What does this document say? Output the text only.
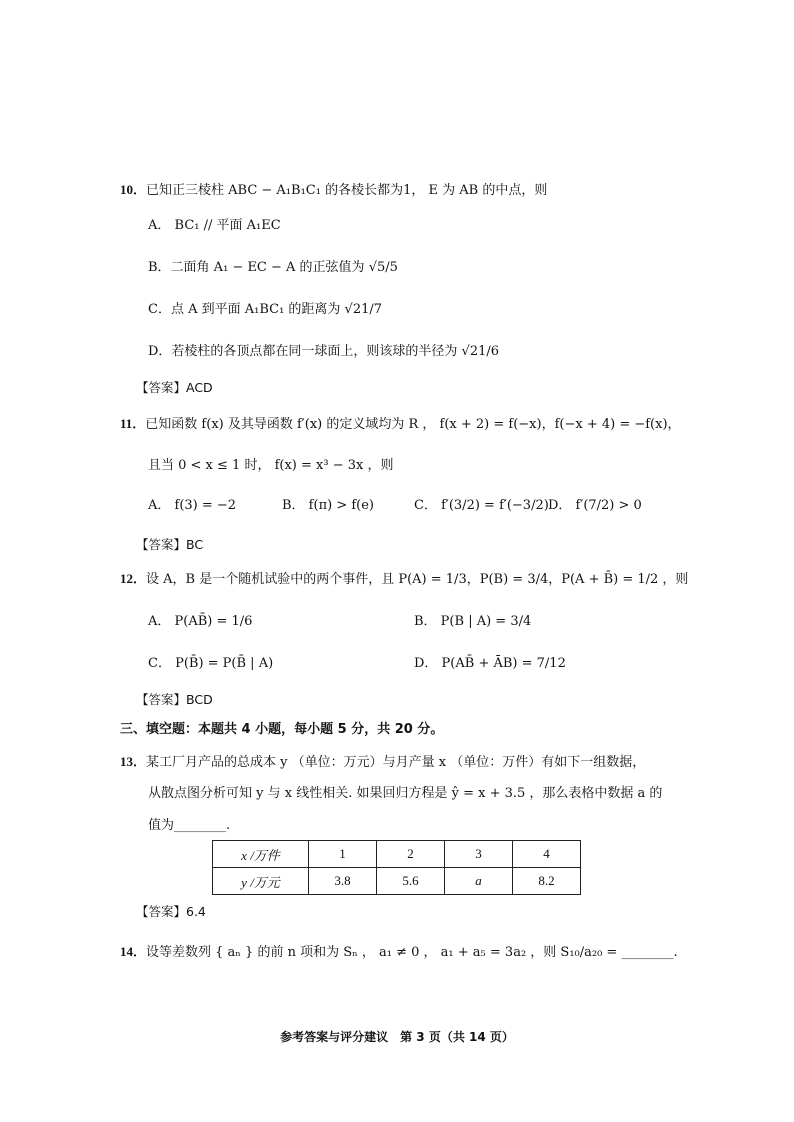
10．已知正三棱柱 ABC − A₁B₁C₁ 的各棱长都为1， E 为 AB 的中点，则
A． BC₁ // 平面 A₁EC
B．二面角 A₁ − EC − A 的正弦值为 √5/5
C．点 A 到平面 A₁BC₁ 的距离为 √21/7
D．若棱柱的各顶点都在同一球面上，则该球的半径为 √21/6
【答案】ACD
11．已知函数 f(x) 及其导函数 f′(x) 的定义域均为 R ， f(x + 2) = f(−x)，f(−x + 4) = −f(x)，
且当 0 < x ≤ 1 时， f(x) = x³ − 3x ，则
A． f(3) = −2	B． f(π) > f(e)	C． f′(3/2) = f′(−3/2) D． f′(7/2) > 0
【答案】BC
12．设 A，B 是一个随机试验中的两个事件，且 P(A) = 1/3，P(B) = 3/4，P(A + B̄) = 1/2 ，则
A． P(AB̄) = 1/6	B． P(B | A) = 3/4
C． P(B̄) = P(B̄ | A)	D． P(AB̄ + ĀB) = 7/12
【答案】BCD
三、填空题：本题共 4 小题，每小题 5 分，共 20 分。
13．某工厂月产品的总成本 y （单位：万元）与月产量 x （单位：万件）有如下一组数据，
从散点图分析可知 y 与 x 线性相关. 如果回归方程是 ŷ = x + 3.5 ，那么表格中数据 a 的
值为________.
x /万件	1	2	3	4
y /万元	3.8	5.6	a	8.2
【答案】6.4
14．设等差数列 { aₙ } 的前 n 项和为 Sₙ ， a₁ ≠ 0 ， a₁ + a₅ = 3a₂ ，则 S₁₀/a₂₀ = ________.
参考答案与评分建议　第 3 页（共 14 页）
